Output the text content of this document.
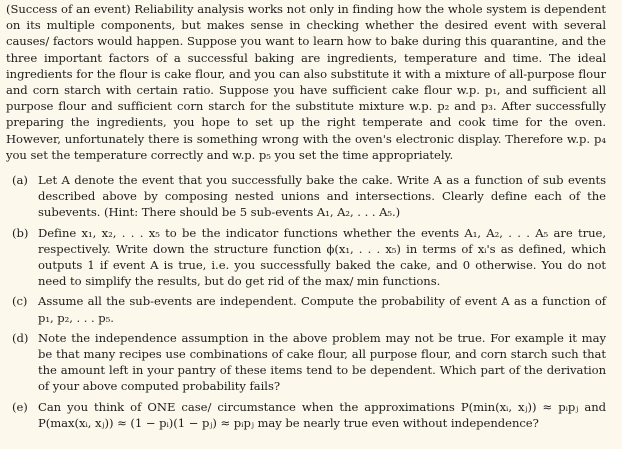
(Success of an event) Reliability analysis works not only in finding how the whole system is dependent on its multiple components, but makes sense in checking whether the desired event with several causes/ factors would happen. Suppose you want to learn how to bake during this quarantine, and the three important factors of a successful baking are ingredients, temperature and time. The ideal ingredients for the flour is cake flour, and you can also substitute it with a mixture of all-purpose flour and corn starch with certain ratio. Suppose you have sufficient cake flour w.p. p₁, and sufficient all purpose flour and sufficient corn starch for the substitute mixture w.p. p₂ and p₃. After successfully preparing the ingredients, you hope to set up the right temperate and cook time for the oven. However, unfortunately there is something wrong with the oven's electronic display. Therefore w.p. p₄ you set the temperature correctly and w.p. p₅ you set the time appropriately.

(a) Let A denote the event that you successfully bake the cake. Write A as a function of sub events described above by composing nested unions and intersections. Clearly define each of the subevents. (Hint: There should be 5 sub-events A₁, A₂, . . . A₅.)
(b) Define x₁, x₂, . . . x₅ to be the indicator functions whether the events A₁, A₂, . . . A₅ are true, respectively. Write down the structure function ϕ(x₁, . . . x₅) in terms of xᵢ's as defined, which outputs 1 if event A is true, i.e. you successfully baked the cake, and 0 otherwise. You do not need to simplify the results, but do get rid of the max/ min functions.
(c) Assume all the sub-events are independent. Compute the probability of event A as a function of p₁, p₂, . . . p₅.
(d) Note the independence assumption in the above problem may not be true. For example it may be that many recipes use combinations of cake flour, all purpose flour, and corn starch such that the amount left in your pantry of these items tend to be dependent. Which part of the derivation of your above computed probability fails?
(e) Can you think of ONE case/ circumstance when the approximations P(min(xᵢ, xⱼ)) ≈ pᵢpⱼ and P(max(xᵢ, xⱼ)) ≈ (1 − pᵢ)(1 − pⱼ) ≈ pᵢpⱼ may be nearly true even without independence?
